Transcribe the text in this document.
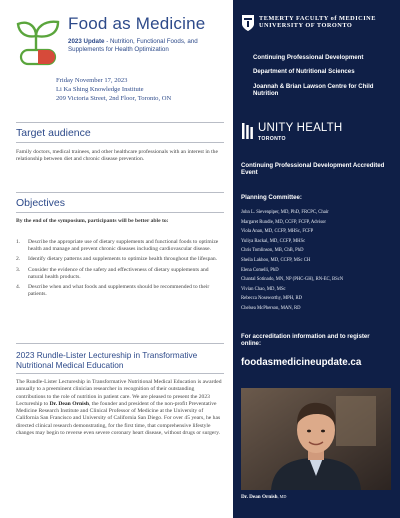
Food as Medicine
2023 Update - Nutrition, Functional Foods, and Supplements for Health Optimization
Friday November 17, 2023
Li Ka Shing Knowledge Institute
209 Victoria Street, 2nd Floor, Toronto, ON
Target audience
Family doctors, medical trainees, and other healthcare professionals with an interest in the relationship between diet and chronic disease prevention.
Objectives
By the end of the symposium, participants will be better able to:
1. Describe the appropriate use of dietary supplements and functional foods to optimize health and manage and prevent chronic diseases including cardiovascular disease.
2. Identify dietary patterns and supplements to optimize health throughout the lifespan.
3. Consider the evidence of the safety and effectiveness of dietary supplements and natural health products.
4. Describe when and what foods and supplements should be recommended to their patients.
2023 Rundle-Lister Lectureship in Transformative Nutritional Medical Education
The Rundle-Lister Lectureship in Transformative Nutritional Medical Education is awarded annually to a preeminent clinician researcher in recognition of their outstanding contributions to the role of nutrition in patient care. We are pleased to present the 2023 Lectureship to Dr. Dean Ornish, the founder and president of the non-profit Preventative Medicine Research Institute and Clinical Professor of Medicine at the University of California San Francisco and University of California San Diego. For over 45 years, he has directed clinical research demonstrating, for the first time, that comprehensive lifestyle changes may begin to reverse even severe coronary heart disease, without drugs or surgery.
TEMERTY FACULTY of MEDICINE
UNIVERSITY OF TORONTO
Continuing Professional Development
Department of Nutritional Sciences
Joannah & Brian Lawson Centre for Child Nutrition
UNITY HEALTH
TORONTO
Continuing Professional Development Accredited Event
Planning Committee:
John L. Sievenpiper, MD, PhD, FRCPC, Chair
Margaret Rundle, MD, CCFP, FCFP, Advisor
Viola Anan, MD, CCFP, MHSc, FCFP
Yuliya Rackal, MD, CCFP, MHSc
Chris Tomlinson, MB, ChB, PhD
Sheila Lakhoo, MD, CCFP, MSc CH
Elena Comelli, PhD
Chantal Sotinado, MN, NP (PHC-GH), RN-EC, BScN
Vivian Chao, MD, MSc
Rebecca Noseworthy, MPH, RD
Chelsea McPherson, MAN, RD
For accreditation information and to register online:
foodasmedicineupdate.ca
Dr. Dean Ornish, MD
